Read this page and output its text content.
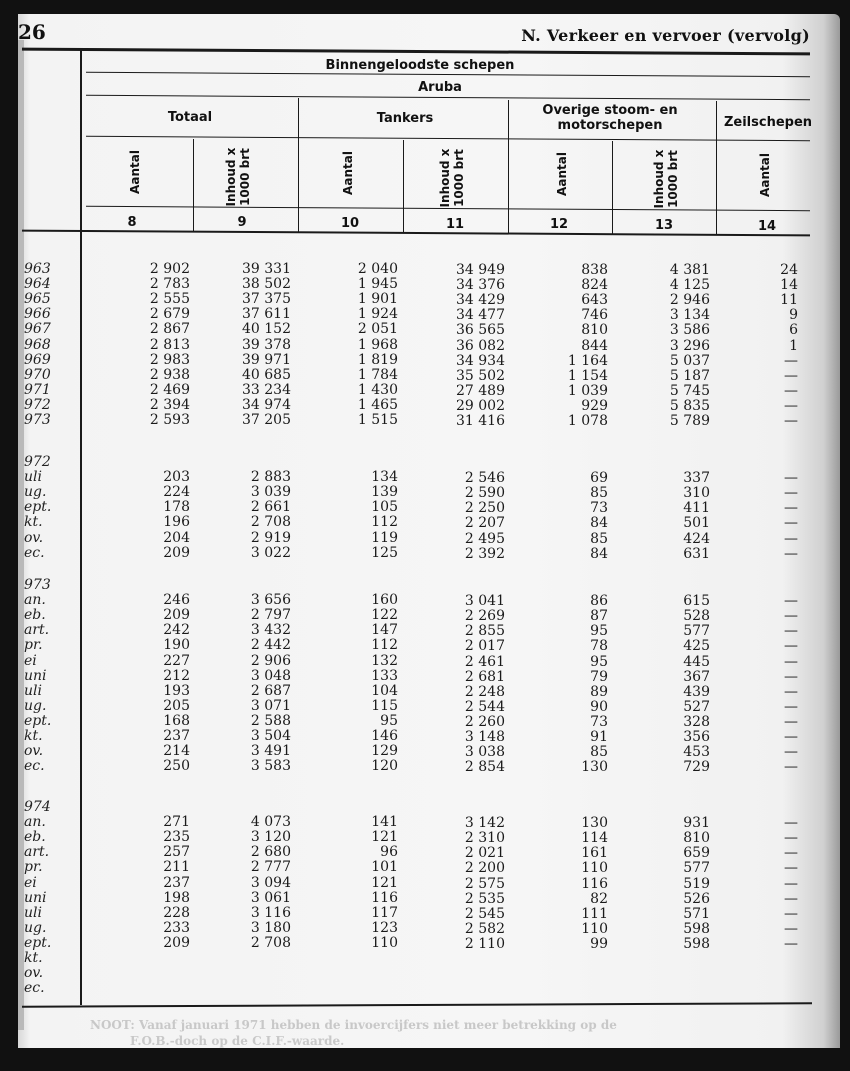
26	N. Verkeer en vervoer (vervolg)
Binnengeloodste schepen
Aruba
Totaal	Tankers
Overige stoom- en motorschepen	Zeilschepen
Aantal	Inhoud x 1000 brt	Aantal	Inhoud x 1000 brt	Aantal	Inhoud x 1000 brt	Aantal
8	9	10	11	12	13	14
963	2 902	39 331	2 040	34 949	838	4 381	24
964	2 783	38 502	1 945	34 376	824	4 125	14
965	2 555	37 375	1 901	34 429	643	2 946	11
966	2 679	37 611	1 924	34 477	746	3 134	9
967	2 867	40 152	2 051	36 565	810	3 586	6
968	2 813	39 378	1 968	36 082	844	3 296	1
969	2 983	39 971	1 819	34 934	1 164	5 037	—
970	2 938	40 685	1 784	35 502	1 154	5 187	—
971	2 469	33 234	1 430	27 489	1 039	5 745	—
972	2 394	34 974	1 465	29 002	929	5 835	—
973	2 593	37 205	1 515	31 416	1 078	5 789	—
972
uli	203	2 883	134	2 546	69	337	—
ug.	224	3 039	139	2 590	85	310	—
ept.	178	2 661	105	2 250	73	411	—
kt.	196	2 708	112	2 207	84	501	—
ov.	204	2 919	119	2 495	85	424	—
ec.	209	3 022	125	2 392	84	631	—
973
an.	246	3 656	160	3 041	86	615	—
eb.	209	2 797	122	2 269	87	528	—
art.	242	3 432	147	2 855	95	577	—
pr.	190	2 442	112	2 017	78	425	—
ei	227	2 906	132	2 461	95	445	—
uni	212	3 048	133	2 681	79	367	—
uli	193	2 687	104	2 248	89	439	—
ug.	205	3 071	115	2 544	90	527	—
ept.	168	2 588	95	2 260	73	328	—
kt.	237	3 504	146	3 148	91	356	—
ov.	214	3 491	129	3 038	85	453	—
ec.	250	3 583	120	2 854	130	729	—
974
an.	271	4 073	141	3 142	130	931	—
eb.	235	3 120	121	2 310	114	810	—
art.	257	2 680	96	2 021	161	659	—
pr.	211	2 777	101	2 200	110	577	—
ei	237	3 094	121	2 575	116	519	—
uni	198	3 061	116	2 535	82	526	—
uli	228	3 116	117	2 545	111	571	—
ug.	233	3 180	123	2 582	110	598	—
ept.	209	2 708	110	2 110	99	598	—
kt.
ov.
ec.
NOOT: Vanaf januari 1971 hebben de invoercijfers niet meer betrekking op de
F.O.B.-doch op de C.I.F.-waarde.
